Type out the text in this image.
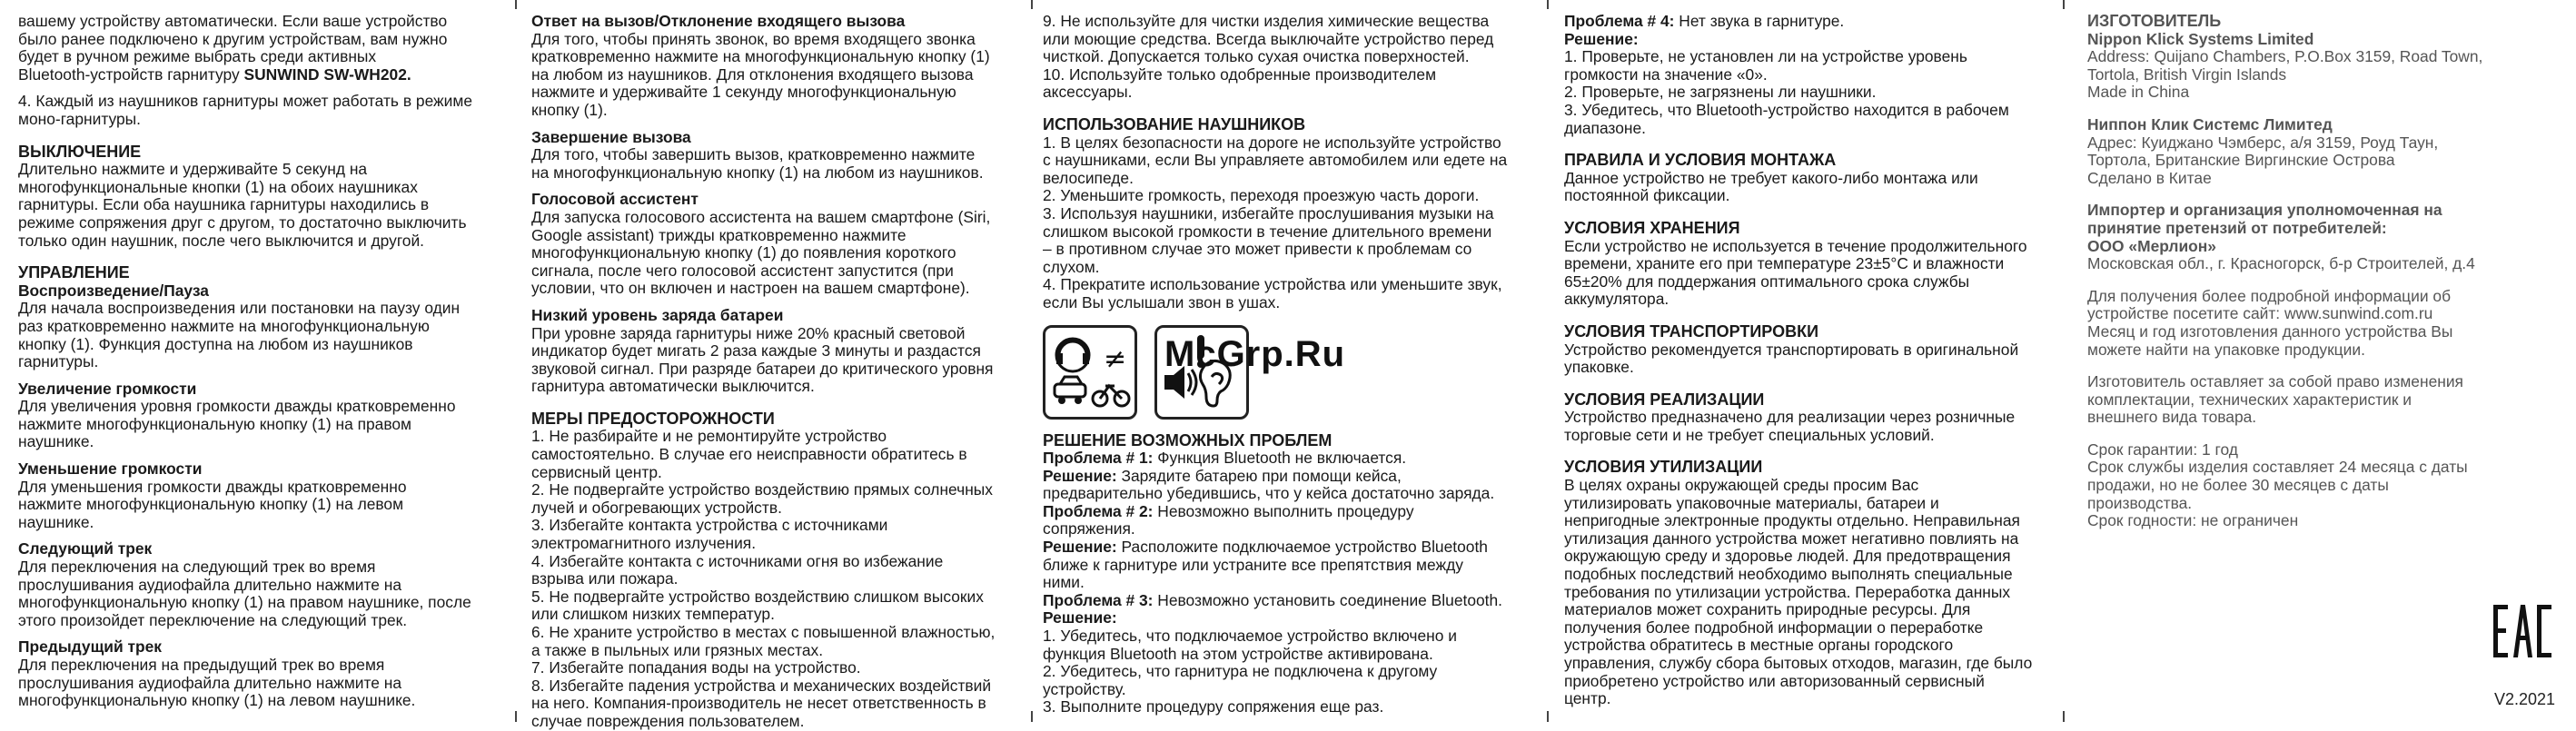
вашему устройству автоматически. Если ваше устройство

было ранее подключено к другим устройствам, вам нужно

будет в ручном режиме выбрать среди активных

Bluetooth-устройств гарнитуру SUNWIND SW-WH202.

4. Каждый из наушников гарнитуры может работать в режиме

моно-гарнитуры.

ВЫКЛЮЧЕНИЕ

Длительно нажмите и удерживайте 5 секунд на

многофункциональные кнопки (1) на обоих наушниках

гарнитуры. Если оба наушника гарнитуры находились в

режиме сопряжения друг с другом, то достаточно выключить

только один наушник, после чего выключится и другой.

УПРАВЛЕНИЕ

Воспроизведение/Пауза

Для начала воспроизведения или постановки на паузу один

раз кратковременно нажмите на многофункциональную

кнопку (1). Функция доступна на любом из наушников

гарнитуры.

Увеличение громкости

Для увеличения уровня громкости дважды кратковременно

нажмите многофункциональную кнопку (1) на правом

наушнике.

Уменьшение громкости

Для уменьшения громкости дважды кратковременно

нажмите многофункциональную кнопку (1) на левом

наушнике.

Следующий трек

Для переключения на следующий трек во время

прослушивания аудиофайла длительно нажмите на

многофункциональную кнопку (1) на правом наушнике, после

этого произойдет переключение на следующий трек.

Предыдущий трек

Для переключения на предыдущий трек во время

прослушивания аудиофайла длительно нажмите на

многофункциональную кнопку (1) на левом наушнике.

Ответ на вызов/Отклонение входящего вызова

Для того, чтобы принять звонок, во время входящего звонка

кратковременно нажмите на многофункциональную кнопку (1)

на любом из наушников. Для отклонения входящего вызова

нажмите и удерживайте 1 секунду многофункциональную

кнопку (1).

Завершение вызова

Для того, чтобы завершить вызов, кратковременно нажмите

на многофункциональную кнопку (1) на любом из наушников.

Голосовой ассистент

Для запуска голосового ассистента на вашем смартфоне (Siri,

Google assistant) трижды кратковременно нажмите

многофункциональную кнопку (1) до появления короткого

сигнала, после чего голосовой ассистент запустится (при

условии, что он включен и настроен на вашем смартфоне).

Низкий уровень заряда батареи

При уровне заряда гарнитуры ниже 20% красный световой

индикатор будет мигать 2 раза каждые 3 минуты и раздастся

звуковой сигнал. При разряде батареи до критического уровня

гарнитура автоматически выключится.

МЕРЫ ПРЕДОСТОРОЖНОСТИ

1. Не разбирайте и не ремонтируйте устройство

самостоятельно. В случае его неисправности обратитесь в

сервисный центр.

2. Не подвергайте устройство воздействию прямых солнечных

лучей и обогревающих устройств.

3. Избегайте контакта устройства с источниками

электромагнитного излучения.

4. Избегайте контакта с источниками огня во избежание

взрыва или пожара.

5. Не подвергайте устройство воздействию слишком высоких

или слишком низких температур.

6. Не храните устройство в местах с повышенной влажностью,

а также в пыльных или грязных местах.

7. Избегайте попадания воды на устройство.

8. Избегайте падения устройства и механических воздействий

на него. Компания-производитель не несет ответственность в

случае повреждения пользователем.

9. Не используйте для чистки изделия химические вещества

или моющие средства. Всегда выключайте устройство перед

чисткой. Допускается только сухая очистка поверхностей.

10. Используйте только одобренные производителем

аксессуары.

ИСПОЛЬЗОВАНИЕ НАУШНИКОВ

1. В целях безопасности на дороге не используйте устройство

с наушниками, если Вы управляете автомобилем или едете на

велосипеде.

2. Уменьшите громкость, переходя проезжую часть дороги.

3. Используя наушники, избегайте прослушивания музыки на

слишком высокой громкости в течение длительного времени

– в противном случае это может привести к проблемам со

слухом.

4. Прекратите использование устройства или уменьшите звук,

если Вы услышали звон в ушах.

≠

РЕШЕНИЕ ВОЗМОЖНЫХ ПРОБЛЕМ

Проблема # 1: Функция Bluetooth не включается.

Решение: Зарядите батарею при помощи кейса,

предварительно убедившись, что у кейса достаточно заряда.

Проблема # 2: Невозможно выполнить процедуру

сопряжения.

Решение: Расположите подключаемое устройство Bluetooth

ближе к гарнитуре или устраните все препятствия между

ними.

Проблема # 3: Невозможно установить соединение Bluetooth.

Решение:

1. Убедитесь, что подключаемое устройство включено и

функция Bluetooth на этом устройстве активирована.

2. Убедитесь, что гарнитура не подключена к другому

устройству.

3. Выполните процедуру сопряжения еще раз.

McGrp.Ru

Проблема # 4: Нет звука в гарнитуре.

Решение:

1. Проверьте, не установлен ли на устройстве уровень

громкости на значение «0».

2. Проверьте, не загрязнены ли наушники.

3. Убедитесь, что Bluetooth-устройство находится в рабочем

диапазоне.

ПРАВИЛА И УСЛОВИЯ МОНТАЖА

Данное устройство не требует какого-либо монтажа или

постоянной фиксации.

УСЛОВИЯ ХРАНЕНИЯ

Если устройство не используется в течение продолжительного

времени, храните его при температуре 23±5°С и влажности

65±20% для поддержания оптимального срока службы

аккумулятора.

УСЛОВИЯ ТРАНСПОРТИРОВКИ

Устройство рекомендуется транспортировать в оригинальной

упаковке.

УСЛОВИЯ РЕАЛИЗАЦИИ

Устройство предназначено для реализации через розничные

торговые сети и не требует специальных условий.

УСЛОВИЯ УТИЛИЗАЦИИ

В целях охраны окружающей среды просим Вас

утилизировать упаковочные материалы, батареи и

непригодные электронные продукты отдельно. Неправильная

утилизация данного устройства может негативно повлиять на

окружающую среду и здоровье людей. Для предотвращения

подобных последствий необходимо выполнять специальные

требования по утилизации устройства. Переработка данных

материалов может сохранить природные ресурсы. Для

получения более подробной информации о переработке

устройства обратитесь в местные органы городского

управления, службу сбора бытовых отходов, магазин, где было

приобретено устройство или авторизованный сервисный

центр.

ИЗГОТОВИТЕЛЬ

Nippon Klick Systems Limited

Address: Quijano Chambers, P.O.Box 3159, Road Town,

Tortola, British Virgin Islands

Made in China

Ниппон Клик Системс Лимитед

Адрес: Куиджано Чэмберс, а/я 3159, Роуд Таун,

Тортола, Британские Виргинские Острова

Сделано в Китае

Импортер и организация уполномоченная на

принятие претензий от потребителей:

ООО «Мерлион»

Московская обл., г. Красногорск, б-р Строителей, д.4

Для получения более подробной информации об

устройстве посетите сайт: www.sunwind.com.ru

Месяц и год изготовления данного устройства Вы

можете найти на упаковке продукции.

Изготовитель оставляет за собой право изменения

комплектации, технических характеристик и

внешнего вида товара.

Срок гарантии: 1 год

Срок службы изделия составляет 24 месяца с даты

продажи, но не более 30 месяцев с даты

производства.

Срок годности: не ограничен

V2.2021
